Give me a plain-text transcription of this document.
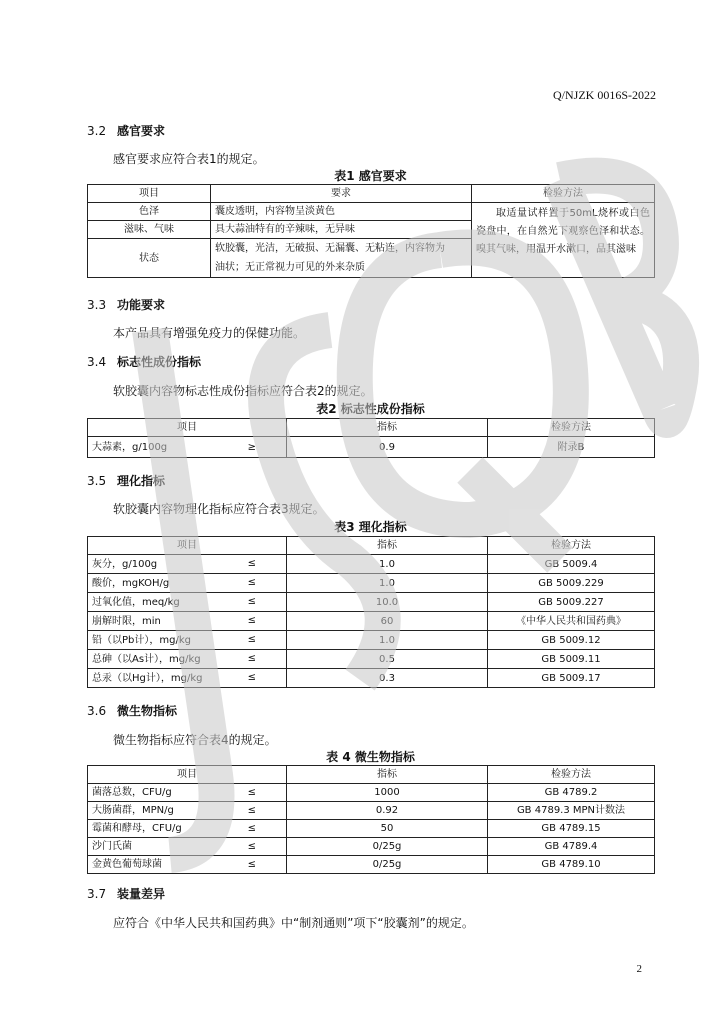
Q/NJZK 0016S-2022
3.2 感官要求
感官要求应符合表1的规定。
表1 感官要求
项目	要求	检验方法
色泽	囊皮透明，内容物呈淡黄色	取适量试样置于50mL烧杯或白色瓷盘中，在自然光下观察色泽和状态。嗅其气味，用温开水漱口，品其滋味

滋味、气味	具大蒜油特有的辛辣味，无异味	
状态	软胶囊，光洁，无破损、无漏囊、无粘连，内容物为
油状；无正常视力可见的外来杂质	
3.3 功能要求
本产品具有增强免疫力的保健功能。
3.4 标志性成份指标
软胶囊内容物标志性成份指标应符合表2的规定。
表2 标志性成份指标
项目	指标	检验方法
大蒜素，g/100g ≥	0.9	附录B
3.5 理化指标
软胶囊内容物理化指标应符合表3规定。
表3 理化指标
项目	指标	检验方法
灰分，g/100g ≤	1.0	GB 5009.4
酸价，mgKOH/g ≤	1.0	GB 5009.229
过氧化值，meq/kg ≤	10.0	GB 5009.227
崩解时限，min ≤	60	《中华人民共和国药典》
铅（以Pb计），mg/kg ≤	1.0	GB 5009.12
总砷（以As计），mg/kg ≤	0.5	GB 5009.11
总汞（以Hg计），mg/kg ≤	0.3	GB 5009.17
3.6 微生物指标
微生物指标应符合表4的规定。
表 4 微生物指标
项目	指标	检验方法
菌落总数，CFU/g ≤	1000	GB 4789.2
大肠菌群，MPN/g ≤	0.92	GB 4789.3 MPN计数法
霉菌和酵母，CFU/g ≤	50	GB 4789.15
沙门氏菌 ≤	0/25g	GB 4789.4
金黄色葡萄球菌 ≤	0/25g	GB 4789.10
3.7 装量差异
应符合《中华人民共和国药典》中“制剂通则”项下“胶囊剂”的规定。
2
